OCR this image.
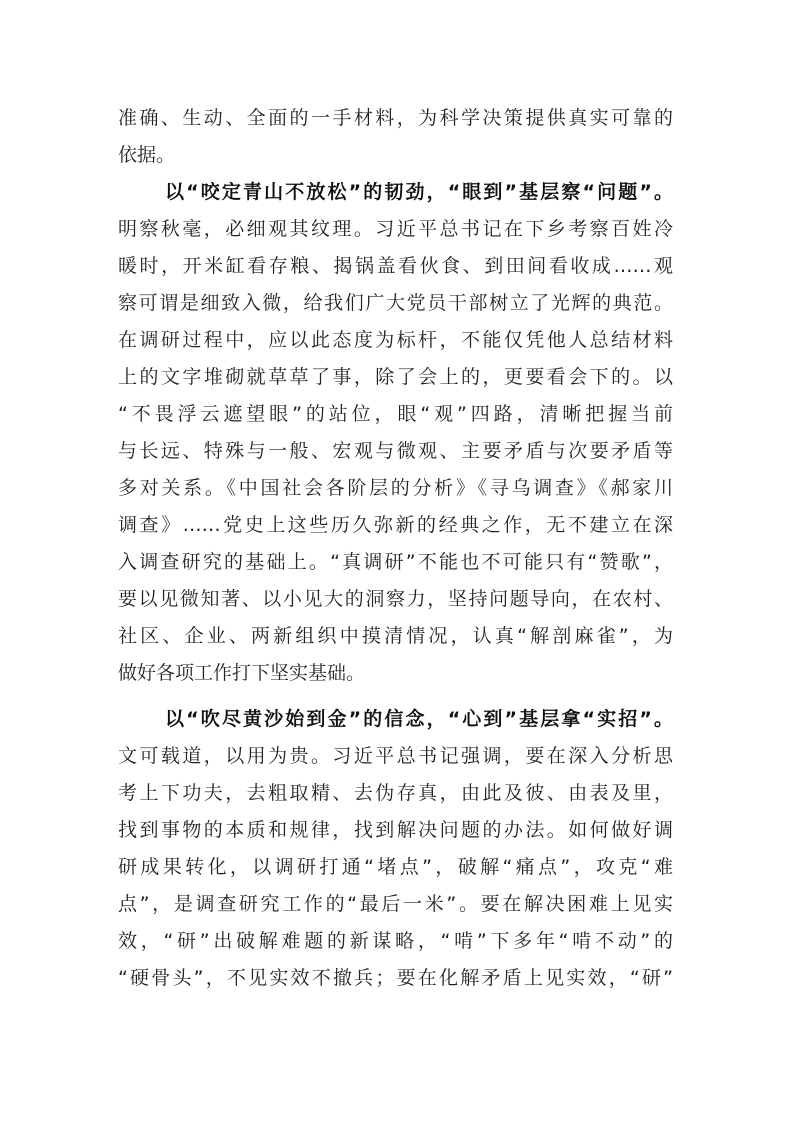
准确、生动、全面的一手材料，为科学决策提供真实可靠的
依据。
以“咬定青山不放松”的韧劲，“眼到”基层察“问题”。
明察秋毫，必细观其纹理。习近平总书记在下乡考察百姓冷
暖时，开米缸看存粮、揭锅盖看伙食、到田间看收成……观
察可谓是细致入微，给我们广大党员干部树立了光辉的典范。
在调研过程中，应以此态度为标杆，不能仅凭他人总结材料
上的文字堆砌就草草了事，除了会上的，更要看会下的。以
“不畏浮云遮望眼”的站位，眼“观”四路，清晰把握当前
与长远、特殊与一般、宏观与微观、主要矛盾与次要矛盾等
多对关系。《中国社会各阶层的分析》《寻乌调查》《郝家川
调查》……党史上这些历久弥新的经典之作，无不建立在深
入调查研究的基础上。“真调研”不能也不可能只有“赞歌”，
要以见微知著、以小见大的洞察力，坚持问题导向，在农村、
社区、企业、两新组织中摸清情况，认真“解剖麻雀”，为
做好各项工作打下坚实基础。
以“吹尽黄沙始到金”的信念，“心到”基层拿“实招”。
文可载道，以用为贵。习近平总书记强调，要在深入分析思
考上下功夫，去粗取精、去伪存真，由此及彼、由表及里，
找到事物的本质和规律，找到解决问题的办法。如何做好调
研成果转化，以调研打通“堵点”，破解“痛点”，攻克“难
点”，是调查研究工作的“最后一米”。要在解决困难上见实
效，“研”出破解难题的新谋略，“啃”下多年“啃不动”的
“硬骨头”，不见实效不撤兵；要在化解矛盾上见实效，“研”
